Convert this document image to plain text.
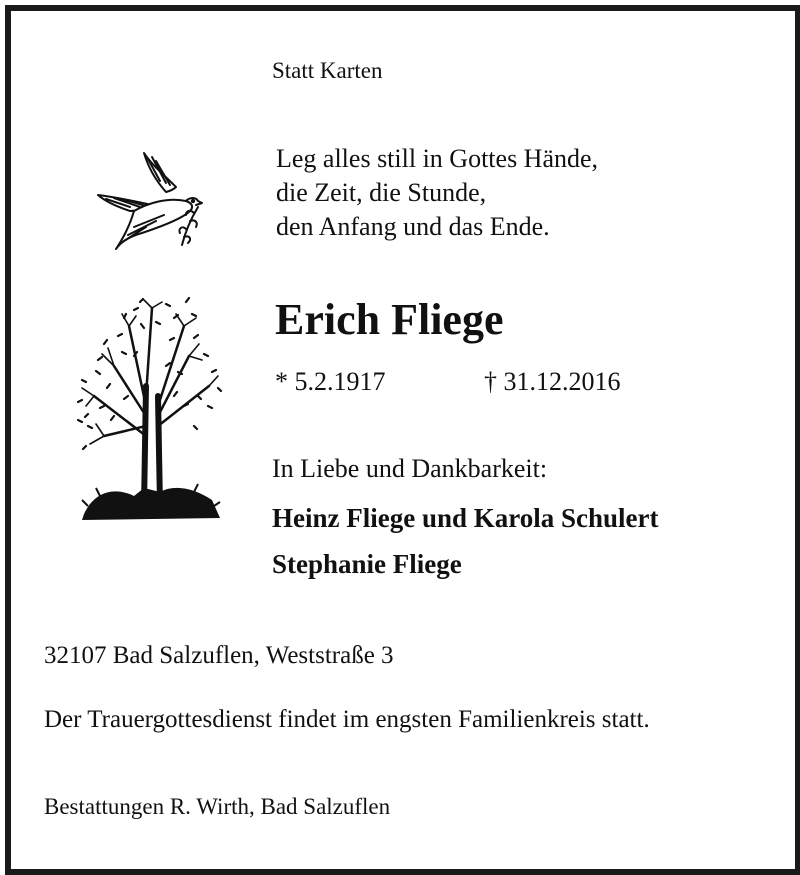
Statt Karten
Leg alles still in Gottes Hände,
die Zeit, die Stunde,
den Anfang und das Ende.
Erich Fliege
* 5.2.1917	† 31.12.2016
In Liebe und Dankbarkeit:
Heinz Fliege und Karola Schulert
Stephanie Fliege
32107 Bad Salzuflen, Weststraße 3
Der Trauergottesdienst findet im engsten Familienkreis statt.
Bestattungen R. Wirth, Bad Salzuflen
